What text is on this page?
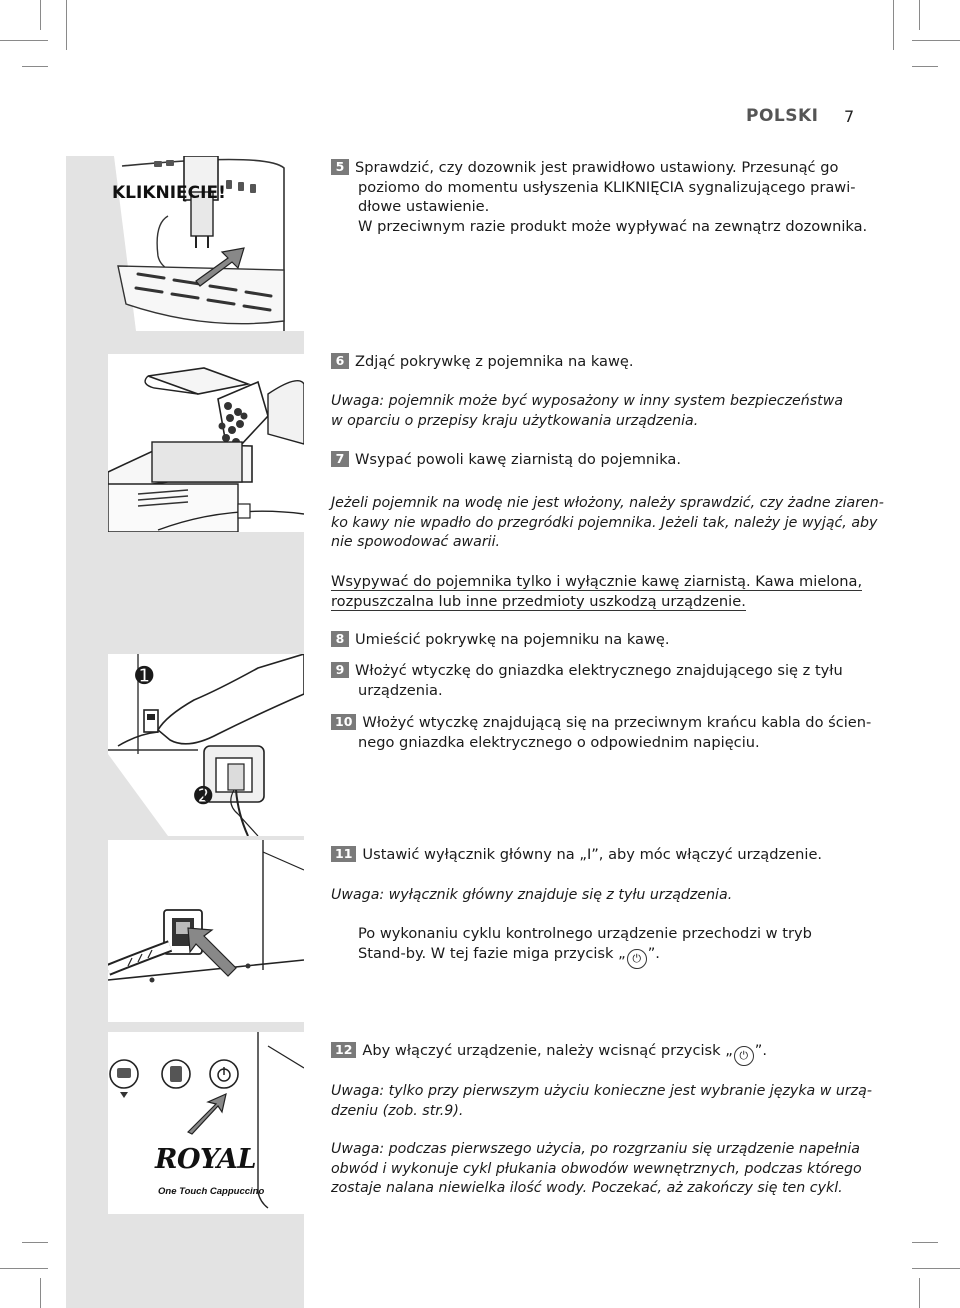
POLSKI 7
KLIKNIĘCIE!
➊
➋
ROYAL
One Touch Cappuccino
5 Sprawdzić, czy dozownik jest prawidłowo ustawiony. Przesunąć go
poziomo do momentu usłyszenia KLIKNIĘCIA sygnalizującego prawi-
dłowe ustawienie.
W przeciwnym razie produkt może wypływać na zewnątrz dozownika.
6 Zdjąć pokrywkę z pojemnika na kawę.
Uwaga: pojemnik może być wyposażony w inny system bezpieczeństwa
w oparciu o przepisy kraju użytkowania urządzenia.
7 Wsypać powoli kawę ziarnistą do pojemnika.
Jeżeli pojemnik na wodę nie jest włożony, należy sprawdzić, czy żadne ziaren-
ko kawy nie wpadło do przegródki pojemnika. Jeżeli tak, należy je wyjąć, aby
nie spowodować awarii.
Wsypywać do pojemnika tylko i wyłącznie kawę ziarnistą. Kawa mielona,
rozpuszczalna lub inne przedmioty uszkodzą urządzenie.
8 Umieścić pokrywkę na pojemniku na kawę.
9 Włożyć wtyczkę do gniazdka elektrycznego znajdującego się z tyłu
urządzenia.
10 Włożyć wtyczkę znajdującą się na przeciwnym krańcu kabla do ścien-
nego gniazdka elektrycznego o odpowiednim napięciu.
11 Ustawić wyłącznik główny na „I”, aby móc włączyć urządzenie.
Uwaga: wyłącznik główny znajduje się z tyłu urządzenia.
Po wykonaniu cyklu kontrolnego urządzenie przechodzi w tryb
Stand-by. W tej fazie miga przycisk „ ⏻ ”.
12 Aby włączyć urządzenie, należy wcisnąć przycisk „ ⏻ ”.
Uwaga: tylko przy pierwszym użyciu konieczne jest wybranie języka w urzą-
dzeniu (zob. str.9).
Uwaga: podczas pierwszego użycia, po rozgrzaniu się urządzenie napełnia
obwód i wykonuje cykl płukania obwodów wewnętrznych, podczas którego
zostaje nalana niewielka ilość wody. Poczekać, aż zakończy się ten cykl.
